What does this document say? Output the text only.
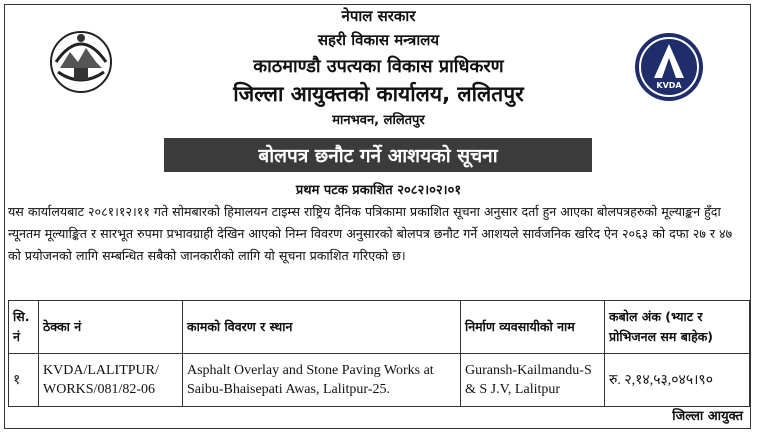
KVDA
नेपाल सरकार
सहरी विकास मन्त्रालय
काठमाण्डौ उपत्यका विकास प्राधिकरण
जिल्ला आयुक्तको कार्यालय, ललितपुर
मानभवन, ललितपुर
बोलपत्र छनौट गर्ने आशयको सूचना
प्रथम पटक प्रकाशित २०८२।०२।०१
यस कार्यालयबाट २०८१।१२।११ गते सोमबारको हिमालयन टाइम्स राष्ट्रिय दैनिक पत्रिकामा प्रकाशित सूचना अनुसार दर्ता हुन आएका बोलपत्रहरुको मूल्याङ्कन हुँदा न्यूनतम मूल्याङ्कित र सारभूत रुपमा प्रभावग्राही देखिन आएको निम्न विवरण अनुसारको बोलपत्र छनौट गर्ने आशयले सार्वजनिक खरिद ऐन २०६३ को दफा २७ र ४७ को प्रयोजनको लागि सम्बन्धित सबैको जानकारीको लागि यो सूचना प्रकाशित गरिएको छ।
सि. नं	ठेक्का नं	कामको विवरण र स्थान	निर्माण व्यवसायीको नाम	कबोल अंक (भ्याट र प्रोभिजनल सम बाहेक)
१	KVDA/LALITPUR/ WORKS/081/82-06	Asphalt Overlay and Stone Paving Works at Saibu-Bhaisepati Awas, Lalitpur-25.	Guransh-Kailmandu-S & S J.V, Lalitpur	रु. २,१४,५३,०४५।९०
जिल्ला आयुक्त
